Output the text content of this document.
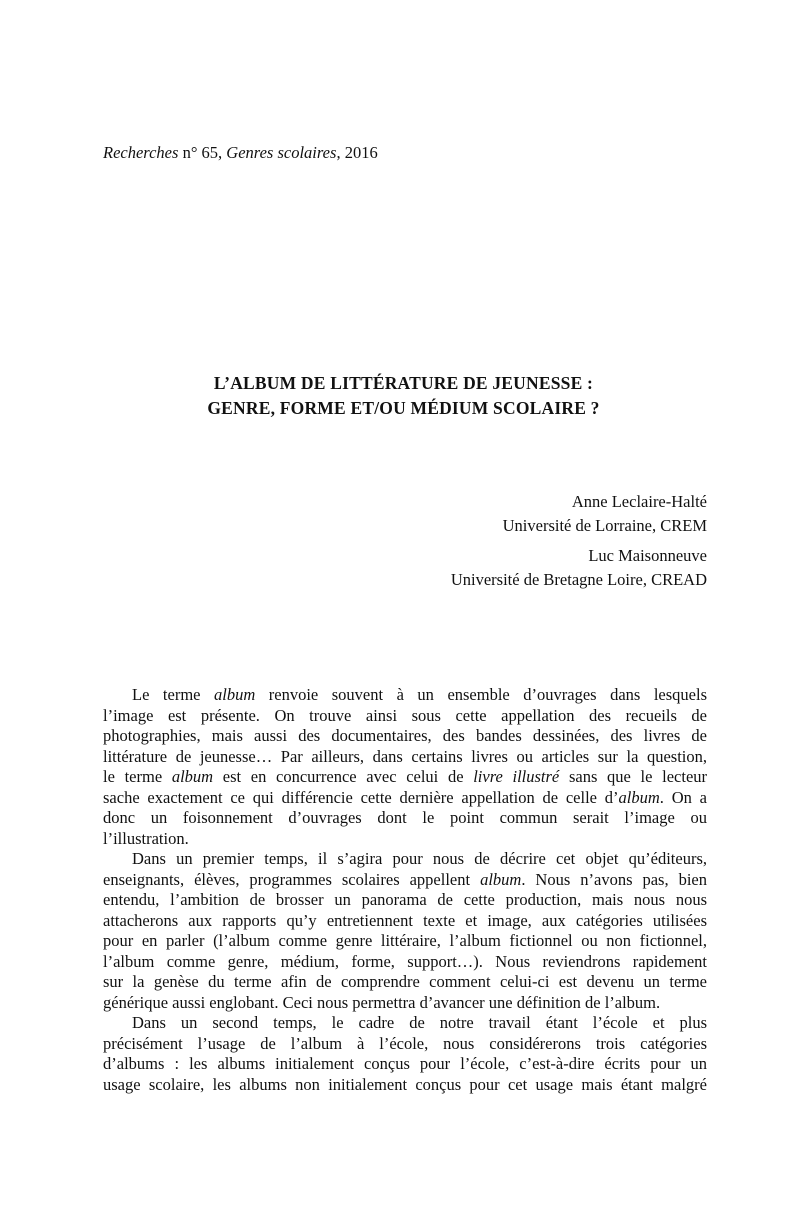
Recherches n° 65, Genres scolaires, 2016
L’ALBUM DE LITTÉRATURE DE JEUNESSE :
GENRE, FORME ET/OU MÉDIUM SCOLAIRE ?
Anne Leclaire-Halté
Université de Lorraine, CREM
Luc Maisonneuve
Université de Bretagne Loire, CREAD
Le terme album renvoie souvent à un ensemble d’ouvrages dans lesquels
l’image est présente. On trouve ainsi sous cette appellation des recueils de
photographies, mais aussi des documentaires, des bandes dessinées, des livres de
littérature de jeunesse… Par ailleurs, dans certains livres ou articles sur la question,
le terme album est en concurrence avec celui de livre illustré sans que le lecteur
sache exactement ce qui différencie cette dernière appellation de celle d’album. On a
donc un foisonnement d’ouvrages dont le point commun serait l’image ou
l’illustration.
Dans un premier temps, il s’agira pour nous de décrire cet objet qu’éditeurs,
enseignants, élèves, programmes scolaires appellent album. Nous n’avons pas, bien
entendu, l’ambition de brosser un panorama de cette production, mais nous nous
attacherons aux rapports qu’y entretiennent texte et image, aux catégories utilisées
pour en parler (l’album comme genre littéraire, l’album fictionnel ou non fictionnel,
l’album comme genre, médium, forme, support…). Nous reviendrons rapidement
sur la genèse du terme afin de comprendre comment celui-ci est devenu un terme
générique aussi englobant. Ceci nous permettra d’avancer une définition de l’album.
Dans un second temps, le cadre de notre travail étant l’école et plus
précisément l’usage de l’album à l’école, nous considérerons trois catégories
d’albums : les albums initialement conçus pour l’école, c’est-à-dire écrits pour un
usage scolaire, les albums non initialement conçus pour cet usage mais étant malgré
